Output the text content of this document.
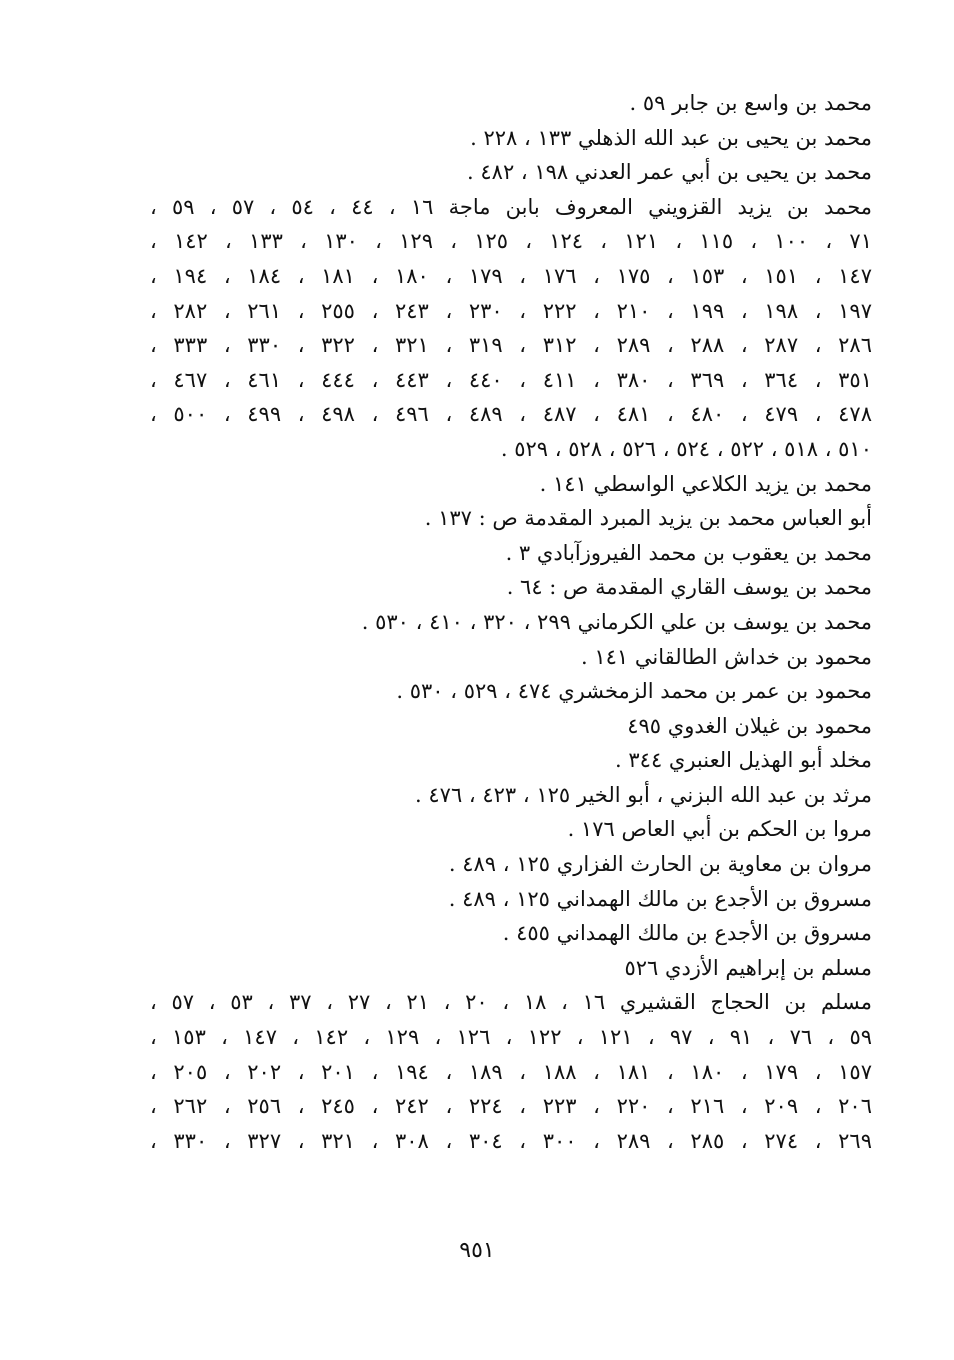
محمد بن واسع بن جابر ٥٩ .
محمد بن يحيى بن عبد الله الذهلي ١٣٣ ، ٢٢٨ .
محمد بن يحيى بن أبي عمر العدني ١٩٨ ، ٤٨٢ .
محمد بن يزيد القزويني المعروف بابن ماجة ١٦ ، ٤٤ ، ٥٤ ، ٥٧ ، ٥٩ ،
٧١ ، ١٠٠ ، ١١٥ ، ١٢١ ، ١٢٤ ، ١٢٥ ، ١٢٩ ، ١٣٠ ، ١٣٣ ، ١٤٢ ،
١٤٧ ، ١٥١ ، ١٥٣ ، ١٧٥ ، ١٧٦ ، ١٧٩ ، ١٨٠ ، ١٨١ ، ١٨٤ ، ١٩٤ ،
١٩٧ ، ١٩٨ ، ١٩٩ ، ٢١٠ ، ٢٢٢ ، ٢٣٠ ، ٢٤٣ ، ٢٥٥ ، ٢٦١ ، ٢٨٢ ،
٢٨٦ ، ٢٨٧ ، ٢٨٨ ، ٢٨٩ ، ٣١٢ ، ٣١٩ ، ٣٢١ ، ٣٢٢ ، ٣٣٠ ، ٣٣٣ ،
٣٥١ ، ٣٦٤ ، ٣٦٩ ، ٣٨٠ ، ٤١١ ، ٤٤٠ ، ٤٤٣ ، ٤٤٤ ، ٤٦١ ، ٤٦٧ ،
٤٧٨ ، ٤٧٩ ، ٤٨٠ ، ٤٨١ ، ٤٨٧ ، ٤٨٩ ، ٤٩٦ ، ٤٩٨ ، ٤٩٩ ، ٥٠٠ ،
٥١٠ ، ٥١٨ ، ٥٢٢ ، ٥٢٤ ، ٥٢٦ ، ٥٢٨ ، ٥٢٩ .
محمد بن يزيد الكلاعي الواسطي ١٤١ .
أبو العباس محمد بن يزيد المبرد المقدمة ص : ١٣٧ .
محمد بن يعقوب بن محمد الفيروزآبادي ٣ .
محمد بن يوسف القاري المقدمة ص : ٦٤ .
محمد بن يوسف بن علي الكرماني ٢٩٩ ، ٣٢٠ ، ٤١٠ ، ٥٣٠ .
محمود بن خداش الطالقاني ١٤١ .
محمود بن عمر بن محمد الزمخشري ٤٧٤ ، ٥٢٩ ، ٥٣٠ .
محمود بن غيلان الغدوي ٤٩٥
مخلد أبو الهذيل العنبري ٣٤٤ .
مرثد بن عبد الله البزني ، أبو الخير ١٢٥ ، ٤٢٣ ، ٤٧٦ .
مروا بن الحكم بن أبي العاص ١٧٦ .
مروان بن معاوية بن الحارث الفزاري ١٢٥ ، ٤٨٩ .
مسروق بن الأجدع بن مالك الهمداني ١٢٥ ، ٤٨٩ .
مسروق بن الأجدع بن مالك الهمداني ٤٥٥ .
مسلم بن إبراهيم الأزدي ٥٢٦
مسلم بن الحجاج القشيري ١٦ ، ١٨ ، ٢٠ ، ٢١ ، ٢٧ ، ٣٧ ، ٥٣ ، ٥٧ ،
٥٩ ، ٧٦ ، ٩١ ، ٩٧ ، ١٢١ ، ١٢٢ ، ١٢٦ ، ١٢٩ ، ١٤٢ ، ١٤٧ ، ١٥٣ ،
١٥٧ ، ١٧٩ ، ١٨٠ ، ١٨١ ، ١٨٨ ، ١٨٩ ، ١٩٤ ، ٢٠١ ، ٢٠٢ ، ٢٠٥ ،
٢٠٦ ، ٢٠٩ ، ٢١٦ ، ٢٢٠ ، ٢٢٣ ، ٢٢٤ ، ٢٤٢ ، ٢٤٥ ، ٢٥٦ ، ٢٦٢ ،
٢٦٩ ، ٢٧٤ ، ٢٨٥ ، ٢٨٩ ، ٣٠٠ ، ٣٠٤ ، ٣٠٨ ، ٣٢١ ، ٣٢٧ ، ٣٣٠ ،
٩٥١
